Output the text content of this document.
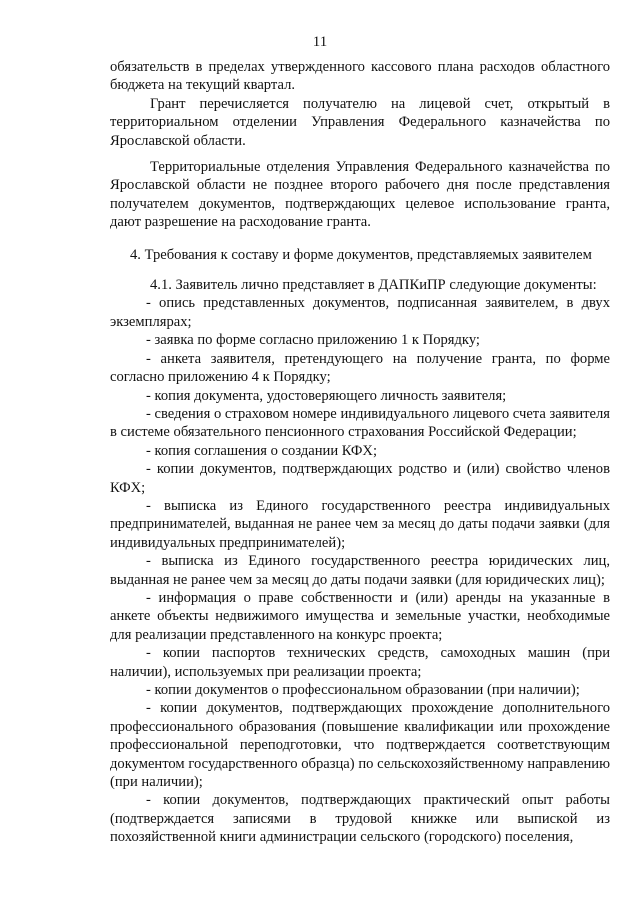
11

обязательств в пределах утвержденного кассового плана расходов областного бюджета на текущий квартал.

Грант перечисляется получателю на лицевой счет, открытый в территориальном отделении Управления Федерального казначейства по Ярославской области.

Территориальные отделения Управления Федерального казначейства по Ярославской области не позднее второго рабочего дня после представления получателем документов, подтверждающих целевое использование гранта, дают разрешение на расходование гранта.

4. Требования к составу и форме документов, представляемых заявителем

4.1. Заявитель лично представляет в ДАПКиПР следующие документы:

- опись представленных документов, подписанная заявителем, в двух экземплярах;

- заявка по форме согласно приложению 1 к Порядку;

- анкета заявителя, претендующего на получение гранта, по форме согласно приложению 4 к Порядку;

- копия документа, удостоверяющего личность заявителя;

- сведения о страховом номере индивидуального лицевого счета заявителя в системе обязательного пенсионного страхования Российской Федерации;

- копия соглашения о создании КФХ;

- копии документов, подтверждающих родство и (или) свойство членов КФХ;

- выписка из Единого государственного реестра индивидуальных предпринимателей, выданная не ранее чем за месяц до даты подачи заявки (для индивидуальных предпринимателей);

- выписка из Единого государственного реестра юридических лиц, выданная не ранее чем за месяц до даты подачи заявки (для юридических лиц);

- информация о праве собственности и (или) аренды на указанные в анкете объекты недвижимого имущества и земельные участки, необходимые для реализации представленного на конкурс проекта;

- копии паспортов технических средств, самоходных машин (при наличии), используемых при реализации проекта;

- копии документов о профессиональном образовании (при наличии);

- копии документов, подтверждающих прохождение дополнительного профессионального образования (повышение квалификации или прохождение профессиональной переподготовки, что подтверждается соответствующим документом государственного образца) по сельскохозяйственному направлению (при наличии);

- копии документов, подтверждающих практический опыт работы (подтверждается записями в трудовой книжке или выпиской из похозяйственной книги администрации сельского (городского) поселения,
